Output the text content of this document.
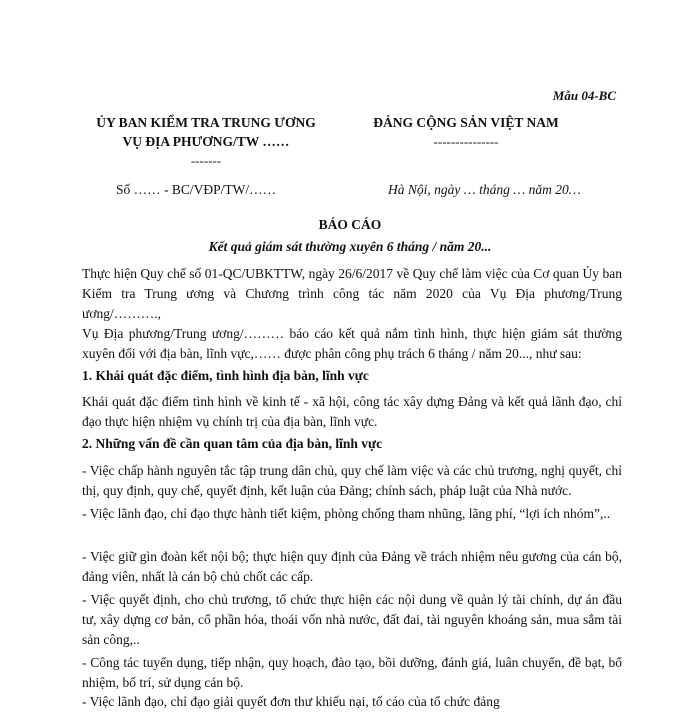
Mẫu 04-BC
ỦY BAN KIỂM TRA TRUNG ƯƠNG
VỤ ĐỊA PHƯƠNG/TW ……
-------
ĐẢNG CỘNG SẢN VIỆT NAM
---------------
Số …… - BC/VĐP/TW/……	Hà Nội, ngày … tháng … năm 20…
BÁO CÁO
Kết quả giám sát thường xuyên 6 tháng / năm 20...
Thực hiện Quy chế số 01-QC/UBKTTW, ngày 26/6/2017 về Quy chế làm việc của Cơ quan Ủy ban Kiểm tra Trung ương và Chương trình công tác năm 2020 của Vụ Địa phương/Trung ương/……….,
Vụ Địa phương/Trung ương/……… báo cáo kết quả nắm tình hình, thực hiện giám sát thường xuyên đối với địa bàn, lĩnh vực,…… được phân công phụ trách 6 tháng / năm 20..., như sau:
1. Khái quát đặc điểm, tình hình địa bàn, lĩnh vực
Khái quát đặc điểm tình hình về kinh tế - xã hội, công tác xây dựng Đảng và kết quả lãnh đạo, chỉ đạo thực hiện nhiệm vụ chính trị của địa bàn, lĩnh vực.
2. Những vấn đề cần quan tâm của địa bàn, lĩnh vực
- Việc chấp hành nguyên tắc tập trung dân chủ, quy chế làm việc và các chủ trương, nghị quyết, chỉ thị, quy định, quy chế, quyết định, kết luận của Đảng; chính sách, pháp luật của Nhà nước.
- Việc lãnh đạo, chỉ đạo thực hành tiết kiệm, phòng chống tham nhũng, lãng phí, “lợi ích nhóm”,..
- Việc giữ gìn đoàn kết nội bộ; thực hiện quy định của Đảng về trách nhiệm nêu gương của cán bộ, đảng viên, nhất là cán bộ chủ chốt các cấp.
- Việc quyết định, cho chủ trương, tổ chức thực hiện các nội dung về quản lý tài chính, dự án đầu tư, xây dựng cơ bản, cổ phần hóa, thoái vốn nhà nước, đất đai, tài nguyên khoáng sản, mua sắm tài sản công,..
- Công tác tuyển dụng, tiếp nhận, quy hoạch, đào tạo, bồi dưỡng, đánh giá, luân chuyển, đề bạt, bổ nhiệm, bố trí, sử dụng cán bộ.
- Việc lãnh đạo, chỉ đạo giải quyết đơn thư khiếu nại, tố cáo của tổ chức đảng
